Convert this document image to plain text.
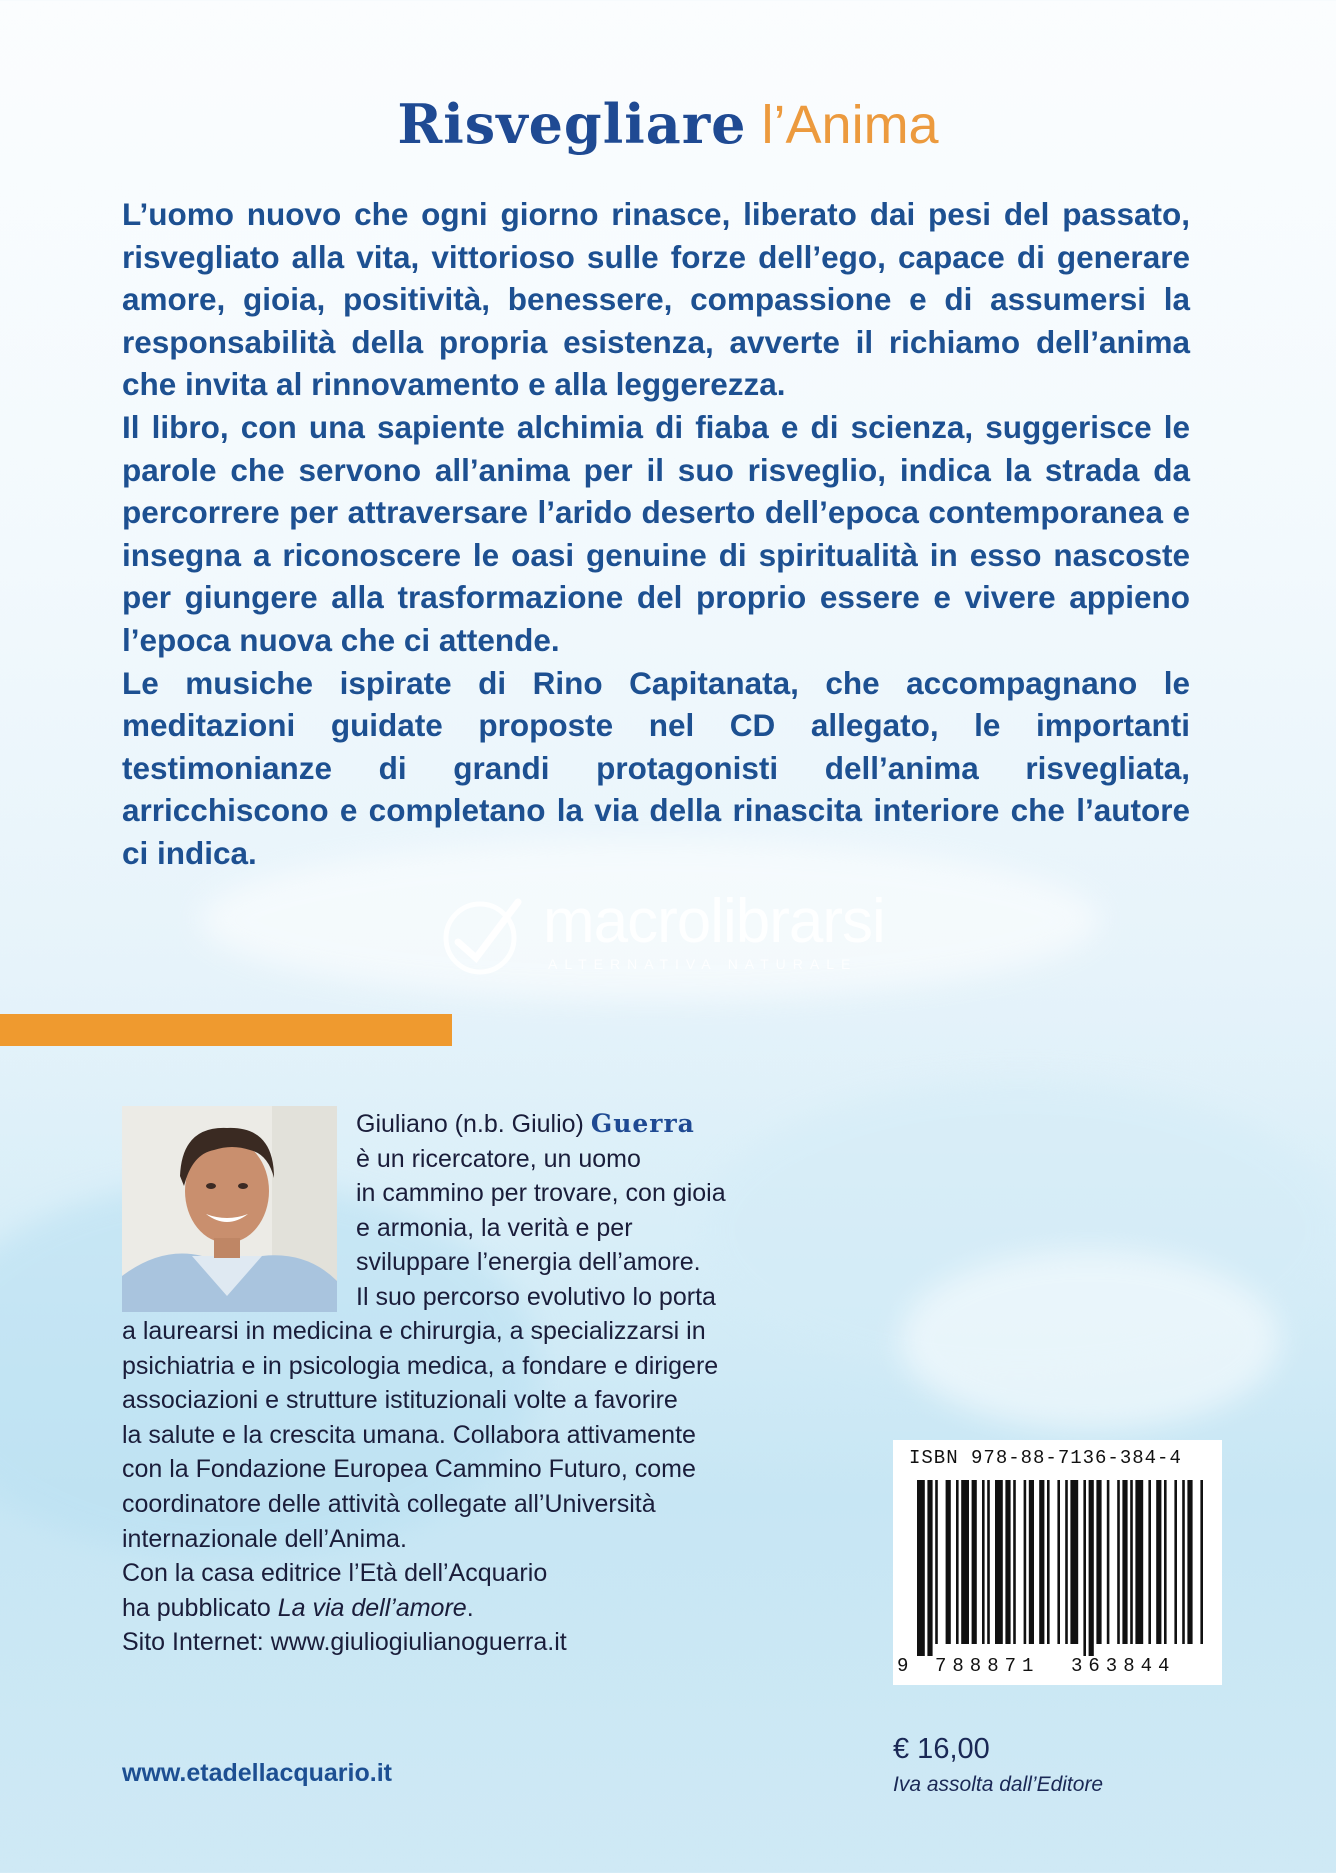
Risvegliare l’Anima

L’uomo nuovo che ogni giorno rinasce, liberato dai pesi del passato, risvegliato alla vita, vittorioso sulle forze dell’ego, capace di generare amore, gioia, positività, benessere, compassione e di assumersi la responsabilità della propria esistenza, avverte il richiamo dell’anima che invita al rinnovamento e alla leggerezza.

Il libro, con una sapiente alchimia di fiaba e di scienza, suggerisce le parole che servono all’anima per il suo risveglio, indica la strada da percorrere per attraversare l’arido deserto dell’epoca contemporanea e insegna a riconoscere le oasi genuine di spiritualità in esso nascoste per giungere alla trasformazione del proprio essere e vivere appieno l’epoca nuova che ci attende.

Le musiche ispirate di Rino Capitanata, che accompagnano le meditazioni guidate proposte nel CD allegato, le importanti testimonianze di grandi protagonisti dell’anima risvegliata, arricchiscono e completano la via della rinascita interiore che l’autore ci indica.

macrolibrarsi
ALTERNATIVA NATURALE
Giuliano (n.b. Giulio) Guerra
è un ricercatore, un uomo
in cammino per trovare, con gioia
e armonia, la verità e per
sviluppare l’energia dell’amore.
Il suo percorso evolutivo lo porta
a laurearsi in medicina e chirurgia, a specializzarsi in
psichiatria e in psicologia medica, a fondare e dirigere
associazioni e strutture istituzionali volte a favorire
la salute e la crescita umana. Collabora attivamente
con la Fondazione Europea Cammino Futuro, come
coordinatore delle attività collegate all’Università
internazionale dell’Anima.
Con la casa editrice l’Età dell’Acquario
ha pubblicato La via dell’amore.
Sito Internet: www.giuliogiulianoguerra.it
ISBN 978-88-7136-384-4
9 788871 363844
www.etadellacquario.it
€ 16,00
Iva assolta dall’Editore
